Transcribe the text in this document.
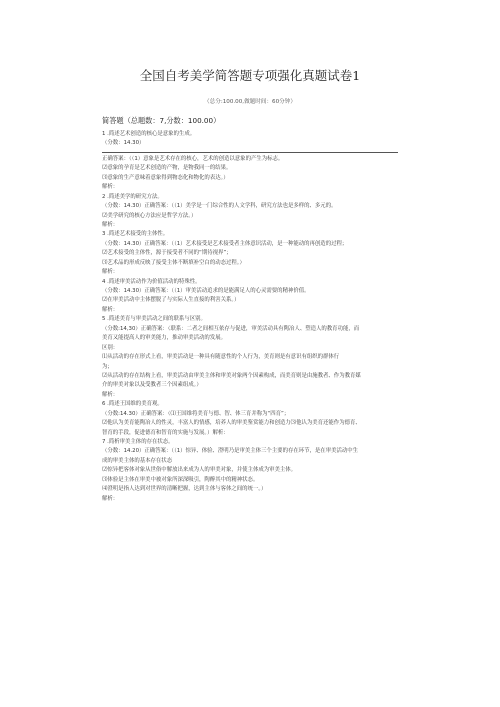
全国自考美学简答题专项强化真题试卷1
（总分:100.00,做题时间：60分钟）
简答题（总题数：7,分数：100.00）
1 .简述艺术创造的核心是意象的生成。
（分数：14.30）
正确答案：（（1）意象是艺术存在的核心，艺术的创造以意象的产生为标志。
⑵意象的孕育是艺术创造的产物，是物我同一的结果。
⑶意象的生产意味着意象得到物态化和物化的表达。）
解析：
2 .简述美学的研究方法。
（分数：14.30）正确答案：（（1）美学是一门综合性的人文学科，研究方法也是多样的、多元的。
⑵美学研究的核心方法应是哲学方法。）
解析：
3 .简述艺术接受的主体性。
（分数：14.30）正确答案：（（1）艺术接受是艺术接受者主体意识活动，是一种能动的再创造的过程；
⑵艺术接受的主体性，源于接受者不同的“期待视界”；
⑶艺术品的形成反映了接受主体不断填补空白的动态过程。）
解析：
4 .简述审美活动作为价值活动的特殊性。
（分数：14.30）正确答案：（（1）审美活动追求的是能满足人的心灵需要的精神价值。
⑵在审美活动中主体摆脱了与实际人生直接的利害关系。）
解析：
5 .简述美育与审美活动之间的联系与区别。
（分数:14,30）正确答案：（联系：二者之间相互依存与促进，审美活动具有陶冶人、塑造人的教育功能，而
美育又能提高人的审美能力，推动审美活动的发展。
区别：
⑴从活动的存在形式上看，审美活动是一种具有随意性的个人行为，美育则是有意识有组织的群体行
为；
⑵从活动的存在结构上看，审美活动由审美主体和审美对象两个因素构成，而美育则是由施教者、作为教育媒
介的审美对象以及受教者三个因素组成。）
解析：
6 .简述王国维的美育观。
（分数:14.30）正确答案：（⑴王国维将美育与德、智、体三育并称为“四育”；
⑵他认为美育能陶冶人的性灵，丰富人的情感，培养人的审美鉴赏能力和创造力⑶他认为美育还能作为德育、
智育的手段，促进德育和智育的实施与发展。）解析：
7 .简析审美主体的存在状态。
（分数：14.20）正确答案：（（1）惊异、体验、澄明乃是审美主体三个主要的存在环节，是在审美活动中生
成的审美主体的基本存在状态
⑵惊异把客体对象从世俗中解放出来成为人的审美对象，并使主体成为审美主体。
⑶体验是主体在审美中被对象所深深吸引，陶醉其中的精神状态。
⑷澄明是指人达到对世界的清晰把握，达到主体与客体之间的统一。）
解析：
